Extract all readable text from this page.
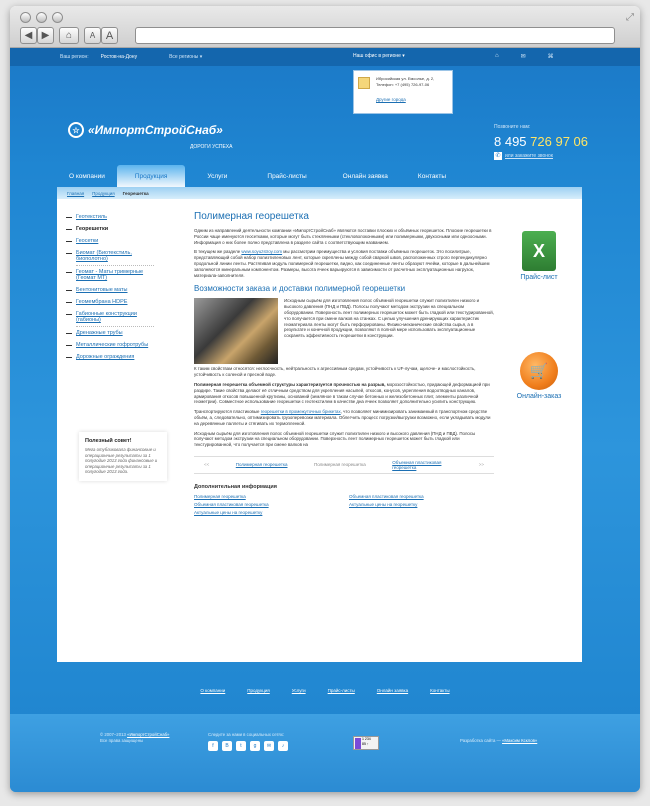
◀ ▶	⌂	A A
⤢
Ваш регион: Ростов-на-Дону	Все регионы ▾	⌂	✉	⌘
Наш офис в регионе ▾
Ибросийская ул. Емсолье, д. 2,
Телефон: +7 (495) 726-97-06
Другие города
☆ «ИмпортСтройСнаб»
ДОРОГИ УСПЕХА
Позвоните нам:
8 495 726 97 06
✆ или закажите звонок
О компании	Продукция	Услуги	Прайс-листы	Онлайн заявка	Контакты
Главная Продукция Георешетка
Геотекстиль
Георешетки
Геосетки
Биомат (Биотекстиль, биополотно)
Геомат - Маты тримерные (Геомат МТ)
Бентонитовые маты
Геомембрана HDPE
Габионные конструкции (габионы)
Дренажные трубы
Металлические гофротрубы
Дорожные ограждения
Полезный совет!
Мега отубликовала финансовые и операционные результаты за 1 полугодие 2013 года финансовые и операционные результаты за 1 полугодие 2013 года.
Полимерная георешетка
Одним из направлений деятельности компании «ИмпортСтройСнаб» являются поставки плоских и объёмных георешеток. Плоские георешетки в России чаще именуются геосетками, которые могут быть стеклянными (стекловолоконными) или полимерными, двухосными или одноосными. Информация о них более полно представлена в разделе сайта с соответствующим названием.
В текущем же разделе www.soyuzstroy.com мы рассмотрим преимущества и условия поставки объёмных георешеток. Это посилитрые, представляющий собой набор полиэтиленовых лент, которые скреплены между собой сваркой швов, расположенных строго перпендикулярно продольной линии ленты. Растягивая модуль полимерной георешетки, видно, как соединенные ленты образуют ячейки, которые в дальнейшем заполняются минеральным компонентом. Размеры, высота ячеек варьируются в зависимости от расчетных эксплуатационных нагрузок, материала-заполнителя.
Возможности заказа и доставки полимерной георешетки
Исходным сырьём для изготовления полос объёмной георешетки служит полиэтилен низкого и высокого давления (ПНД и ПВД). Полосы получают методом экструзии на специальном оборудовании. Поверхность лент полимерных георешеток может быть гладкой или текстурированной, что получается при смене валков на станках. С целью улучшения дренирующих характеристик геоматериала ленты могут быть перфорированы. Физико-механические свойства сырья, а в результате и конечной продукции, позволяют в полной мере использовать эксплуатационные сохранять эффективность георешетки в конструкции.
К таким свойствам относятся: неглосчность, нейтральность к агрессивным средам, устойчивость к UF-лучам, щелоче- и маслостойкость, устойчивость к соленой и пресной воде.
Полимерная георешетка объемной структуры характеризуется прочностью на разрыв, морозостойкостью, придающей деформацией при раздире. Такие свойства делают её отличным средством для укрепления насыпей, откосов, конусов, укрепления водоотводных каналов, армирования откосов повышенной крутизны, оснований (земляное в таком случае бетонных и железобетонных плит, элементы различной геометрии). Совместное использование георешетки с геотекстилем в качестве дна ячеек позволяет дополнительно усилить конструкцию.
Транспортируются пластиковые георешетки в промежуточных брикетах, что позволяет минимизировать занимаемый в транспортном средстве объём, а, следовательно, оптимизировать грузоперевозки материала. Облегчить процесс погрузки/выгрузки возможно, если укладывать модули на деревянные паллеты и стягивать их термопленкой.
Исходным сырьём для изготовления полос объемной георешетки служит полиэтилен низкого и высокого давления (ПНД и ПВД). Полосы получают методом экструзии на специальном оборудовании. Поверхность лент полимерных георешеток может быть гладкой или текстурированной, что получается при смене валков на
<<	Полимерная георешетка	Полимерная георешетка	Объемная пластиковая георешетка	>>
Дополнительная информация
Полимерная георешетка	Объемная пластиковая георешетка
Объемная пластиковая георешетка	Актуальные цены на георешетку
Актуальные цены на георешетку
X
Прайс-лист
🛒
Онлайн-заказ
О компании	Продукция	Услуги	Прайс-листы	Онлайн заявка	Контакты
© 2007–2013 «ИмпортСтройСнаб»
Все права защищены
Следите за нами в социальных сетях:
f	В	t	g	✉	♪
1 234
85 ↑
Разработка сайта — «Максим Ксклов»
